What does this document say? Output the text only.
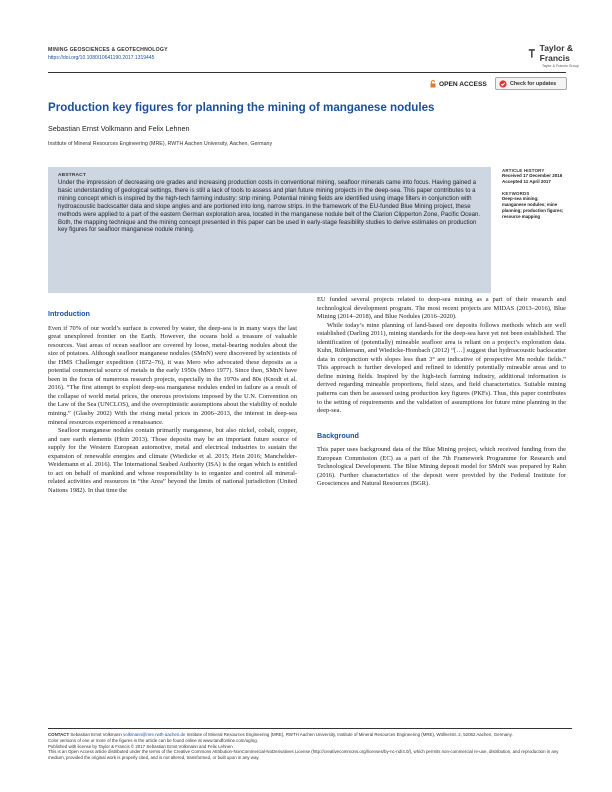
MINING GEOSCIENCES & GEOTECHNOLOGY
https://doi.org/10.1080/10641190.2017.1319445
Taylor & Francis
Taylor & Francis Group
OPEN ACCESS	Check for updates
Production key figures for planning the mining of manganese nodules
Sebastian Ernst Volkmann and Felix Lehnen
Institute of Mineral Resources Engineering (MRE), RWTH Aachen University, Aachen, Germany
ABSTRACT
Under the impression of decreasing ore grades and increasing production costs in conventional mining, seafloor minerals came into focus. Having gained a basic understanding of geological settings, there is still a lack of tools to assess and plan future mining projects in the deep-sea. This paper contributes to a mining concept which is inspired by the high-tech farming industry: strip mining. Potential mining fields are identified using image filters in conjunction with hydroacoustic backscatter data and slope angles and are portioned into long, narrow strips. In the framework of the EU-funded Blue Mining project, these methods were applied to a part of the eastern German exploration area, located in the manganese nodule belt of the Clarion Clipperton Zone, Pacific Ocean. Both, the mapping technique and the mining concept presented in this paper can be used in early-stage feasibility studies to derive estimates on production key figures for seafloor manganese nodule mining.
ARTICLE HISTORY
Received 17 December 2016
Accepted 11 April 2017
KEYWORDS
Deep-sea mining;
manganese nodules; mine
planning; production figures;
resource mapping
Introduction
Even if 70% of our world’s surface is covered by water, the deep-sea is in many ways the last great unexplored frontier on the Earth. However, the oceans hold a treasure of valuable resources. Vast areas of ocean seafloor are covered by loose, metal-bearing nodules about the size of potatoes. Although seafloor manganese nodules (SMnN) were discovered by scientists of the HMS Challenger expedition (1872–76), it was Mero who advocated these deposits as a potential commercial source of metals in the early 1950s (Mero 1977). Since then, SMnN have been in the focus of numerous research projects, especially in the 1970s and 80s (Knodt et al. 2016). “The first attempt to exploit deep-sea manganese nodules ended in failure as a result of the collapse of world metal prices, the onerous provisions imposed by the U.N. Convention on the Law of the Sea (UNCLOS), and the overoptimistic assumptions about the viability of nodule mining.” (Glasby 2002) With the rising metal prices in 2006–2013, the interest in deep-sea mineral resources experienced a renaissance.
Seafloor manganese nodules contain primarily manganese, but also nickel, cobalt, copper, and rare earth elements (Hein 2013). Those deposits may be an important future source of supply for the Western European automotive, metal and electrical industries to sustain the expansion of renewable energies and climate (Wiedicke et al. 2015; Hein 2016; Manchelder-Weidemann et al. 2016). The International Seabed Authority (ISA) is the organ which is entitled to act on behalf of mankind and whose responsibility is to organize and control all mineral-related activities and resources in “the Area” beyond the limits of national jurisdiction (United Nations 1982). In that time the
EU funded several projects related to deep-sea mining as a part of their research and technological development program. The most recent projects are MIDAS (2013–2016), Blue Mining (2014–2018), and Blue Nodules (2016–2020).
While today’s mine planning of land-based ore deposits follows methods which are well established (Darling 2011), mining standards for the deep-sea have yet not been established. The identification of (potentially) mineable seafloor area is reliant on a project’s exploration data. Kuhn, Rühlemann, and Wiedicke-Hombach (2012) “[…] suggest that hydroacoustic backscatter data in conjunction with slopes less than 3° are indicative of prospective Mn nodule fields.” This approach is further developed and refined to identify potentially mineable areas and to define mining fields. Inspired by the high-tech farming industry, additional information is derived regarding mineable proportions, field sizes, and field characteristics. Suitable mining patterns can then be assessed using production key figures (PKFs). Thus, this paper contributes to the setting of requirements and the validation of assumptions for future mine planning in the deep-sea.
Background
This paper uses background data of the Blue Mining project, which received funding from the European Commission (EC) as a part of the 7th Framework Programme for Research and Technological Development. The Blue Mining deposit model for SMnN was prepared by Rahn (2016). Further characteristics of the deposit were provided by the Federal Institute for Geosciences and Natural Resources (BGR).
CONTACT Sebastian Ernst Volkmann volkmann@mre.rwth-aachen.de Institute of Mineral Resources Engineering (MRE), RWTH Aachen University, Institute of Mineral Resources Engineering (MRE), Wüllnerstr. 2, 52062 Aachen, Germany.
Color versions of one or more of the figures in the article can be found online at www.tandfonline.com/ugmg.
Published with license by Taylor & Francis © 2017 Sebastian Ernst Volkmann and Felix Lehnen
This is an Open Access article distributed under the terms of the Creative Commons Attribution-NonCommercial-NoDerivatives License (http://creativecommons.org/licenses/by-nc-nd/4.0/), which permits non-commercial re-use, distribution, and reproduction in any medium, provided the original work is properly cited, and is not altered, transformed, or built upon in any way.
